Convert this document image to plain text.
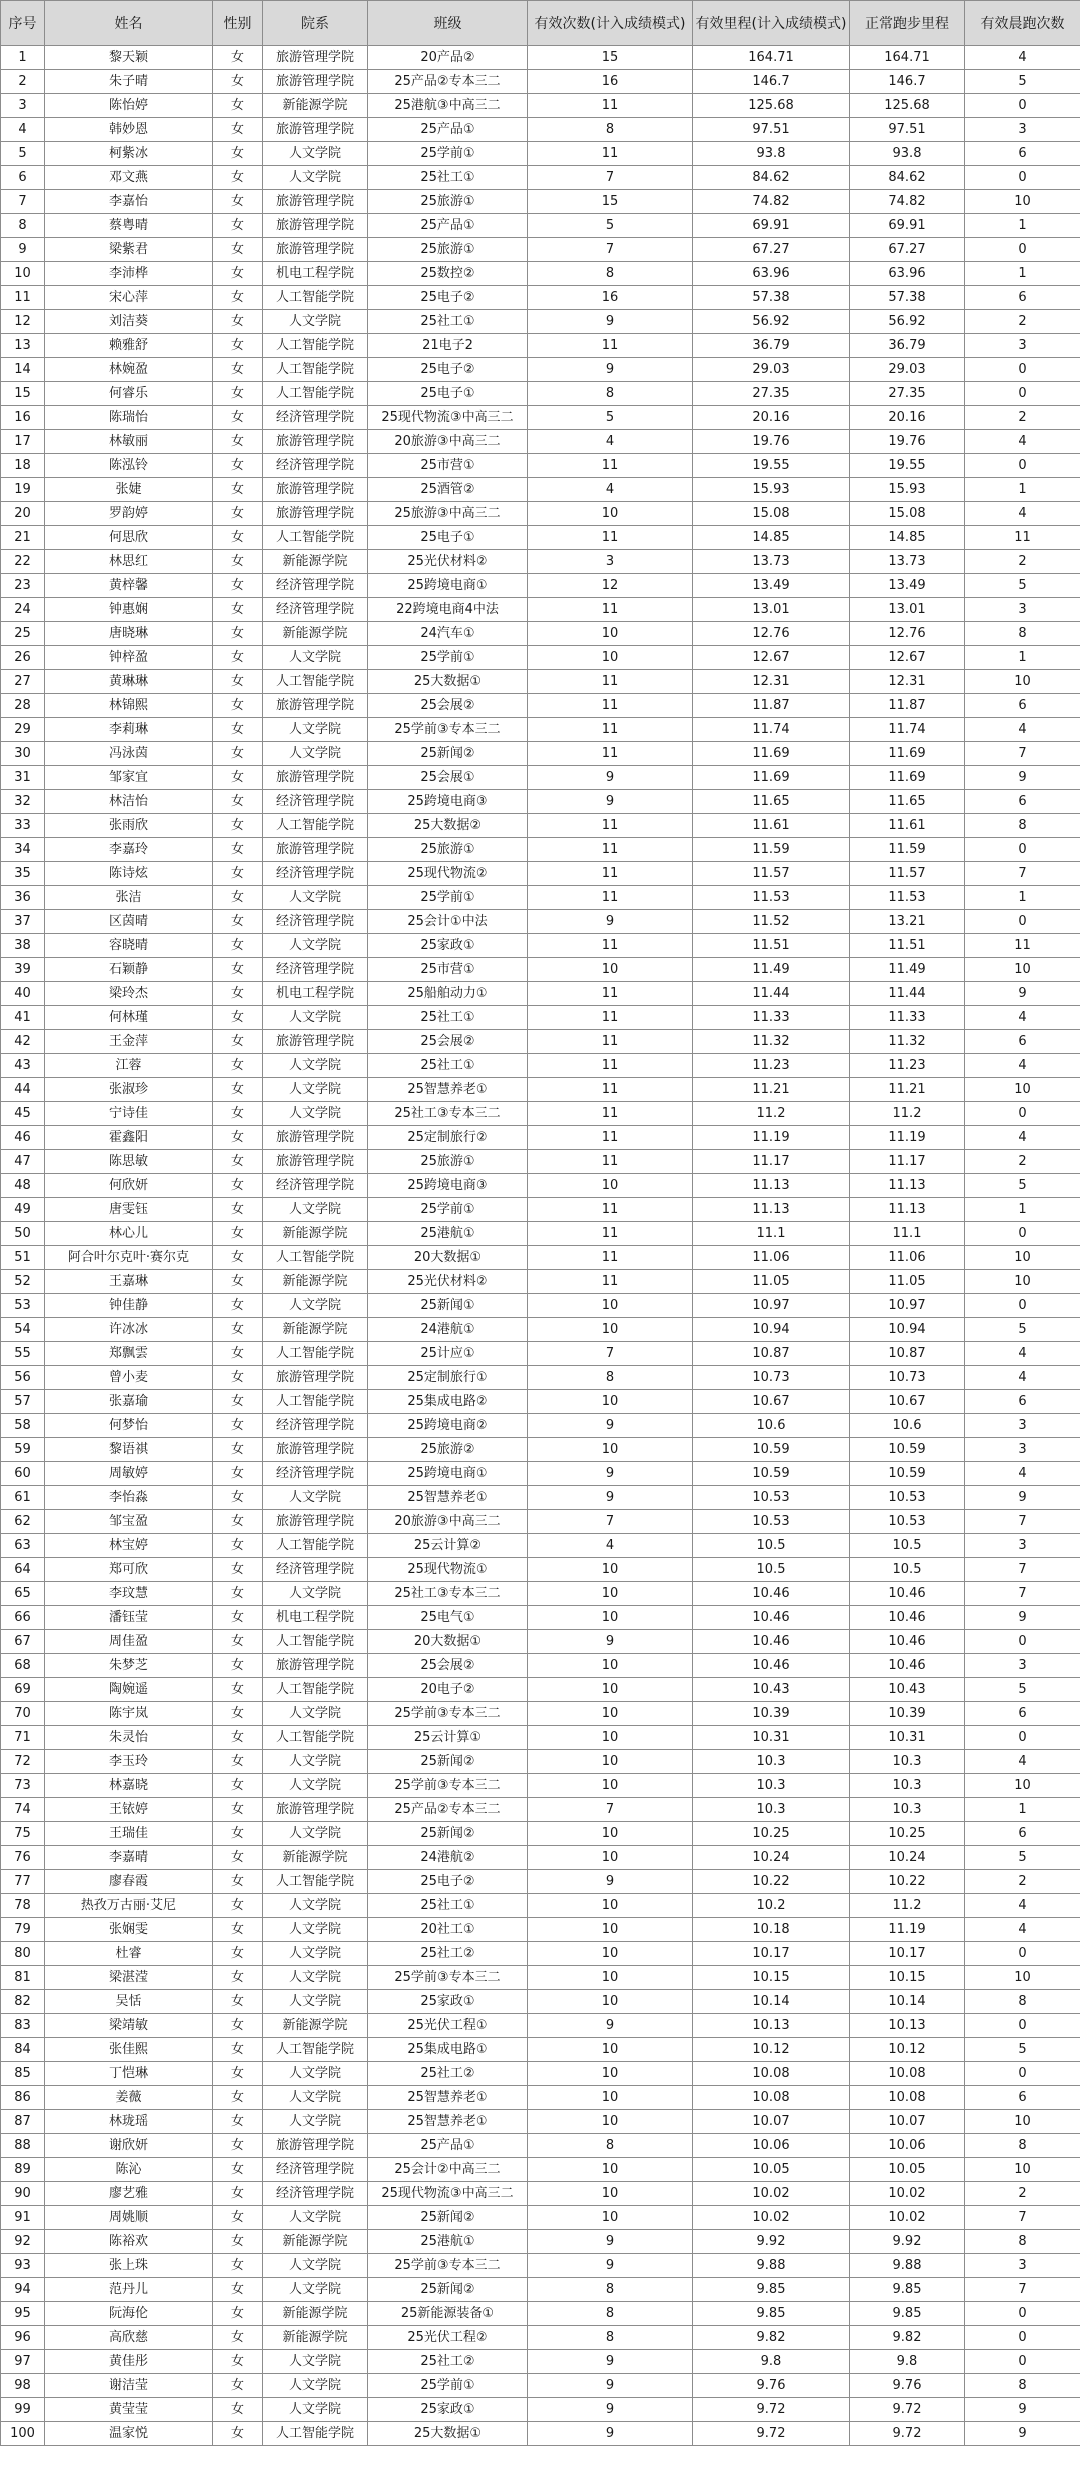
序号	姓名	性别	院系	班级	有效次数(计入成绩模式)	有效里程(计入成绩模式)	正常跑步里程	有效晨跑次数
1	黎天颖	女	旅游管理学院	20产品②	15	164.71	164.71	4
2	朱子晴	女	旅游管理学院	25产品②专本三二	16	146.7	146.7	5
3	陈怡婷	女	新能源学院	25港航③中高三二	11	125.68	125.68	0
4	韩妙恩	女	旅游管理学院	25产品①	8	97.51	97.51	3
5	柯紫冰	女	人文学院	25学前①	11	93.8	93.8	6
6	邓文燕	女	人文学院	25社工①	7	84.62	84.62	0
7	李嘉怡	女	旅游管理学院	25旅游①	15	74.82	74.82	10
8	蔡粤晴	女	旅游管理学院	25产品①	5	69.91	69.91	1
9	梁紫君	女	旅游管理学院	25旅游①	7	67.27	67.27	0
10	李沛桦	女	机电工程学院	25数控②	8	63.96	63.96	1
11	宋心萍	女	人工智能学院	25电子②	16	57.38	57.38	6
12	刘洁葵	女	人文学院	25社工①	9	56.92	56.92	2
13	赖雅舒	女	人工智能学院	21电子2	11	36.79	36.79	3
14	林婉盈	女	人工智能学院	25电子②	9	29.03	29.03	0
15	何睿乐	女	人工智能学院	25电子①	8	27.35	27.35	0
16	陈瑞怡	女	经济管理学院	25现代物流③中高三二	5	20.16	20.16	2
17	林敏丽	女	旅游管理学院	20旅游③中高三二	4	19.76	19.76	4
18	陈泓铃	女	经济管理学院	25市营①	11	19.55	19.55	0
19	张婕	女	旅游管理学院	25酒管②	4	15.93	15.93	1
20	罗韵婷	女	旅游管理学院	25旅游③中高三二	10	15.08	15.08	4
21	何思欣	女	人工智能学院	25电子①	11	14.85	14.85	11
22	林思红	女	新能源学院	25光伏材料②	3	13.73	13.73	2
23	黄梓馨	女	经济管理学院	25跨境电商①	12	13.49	13.49	5
24	钟惠娴	女	经济管理学院	22跨境电商4中法	11	13.01	13.01	3
25	唐晓琳	女	新能源学院	24汽车①	10	12.76	12.76	8
26	钟梓盈	女	人文学院	25学前①	10	12.67	12.67	1
27	黄琳琳	女	人工智能学院	25大数据①	11	12.31	12.31	10
28	林锦熙	女	旅游管理学院	25会展②	11	11.87	11.87	6
29	李莉琳	女	人文学院	25学前③专本三二	11	11.74	11.74	4
30	冯泳茵	女	人文学院	25新闻②	11	11.69	11.69	7
31	邹家宜	女	旅游管理学院	25会展①	9	11.69	11.69	9
32	林洁怡	女	经济管理学院	25跨境电商③	9	11.65	11.65	6
33	张雨欣	女	人工智能学院	25大数据②	11	11.61	11.61	8
34	李嘉玲	女	旅游管理学院	25旅游①	11	11.59	11.59	0
35	陈诗炫	女	经济管理学院	25现代物流②	11	11.57	11.57	7
36	张洁	女	人文学院	25学前①	11	11.53	11.53	1
37	区茵晴	女	经济管理学院	25会计①中法	9	11.52	13.21	0
38	容晓晴	女	人文学院	25家政①	11	11.51	11.51	11
39	石颖静	女	经济管理学院	25市营①	10	11.49	11.49	10
40	梁玲杰	女	机电工程学院	25船舶动力①	11	11.44	11.44	9
41	何林瑾	女	人文学院	25社工①	11	11.33	11.33	4
42	王金萍	女	旅游管理学院	25会展②	11	11.32	11.32	6
43	江蓉	女	人文学院	25社工①	11	11.23	11.23	4
44	张淑珍	女	人文学院	25智慧养老①	11	11.21	11.21	10
45	宁诗佳	女	人文学院	25社工③专本三二	11	11.2	11.2	0
46	霍鑫阳	女	旅游管理学院	25定制旅行②	11	11.19	11.19	4
47	陈思敏	女	旅游管理学院	25旅游①	11	11.17	11.17	2
48	何欣妍	女	经济管理学院	25跨境电商③	10	11.13	11.13	5
49	唐雯钰	女	人文学院	25学前①	11	11.13	11.13	1
50	林心儿	女	新能源学院	25港航①	11	11.1	11.1	0
51	阿合叶尔克叶·赛尔克	女	人工智能学院	20大数据①	11	11.06	11.06	10
52	王嘉琳	女	新能源学院	25光伏材料②	11	11.05	11.05	10
53	钟佳静	女	人文学院	25新闻①	10	10.97	10.97	0
54	许冰冰	女	新能源学院	24港航①	10	10.94	10.94	5
55	郑飘雲	女	人工智能学院	25计应①	7	10.87	10.87	4
56	曾小麦	女	旅游管理学院	25定制旅行①	8	10.73	10.73	4
57	张嘉瑜	女	人工智能学院	25集成电路②	10	10.67	10.67	6
58	何梦怡	女	经济管理学院	25跨境电商②	9	10.6	10.6	3
59	黎语祺	女	旅游管理学院	25旅游②	10	10.59	10.59	3
60	周敏婷	女	经济管理学院	25跨境电商①	9	10.59	10.59	4
61	李怡淼	女	人文学院	25智慧养老①	9	10.53	10.53	9
62	邹宝盈	女	旅游管理学院	20旅游③中高三二	7	10.53	10.53	7
63	林宝婷	女	人工智能学院	25云计算②	4	10.5	10.5	3
64	郑可欣	女	经济管理学院	25现代物流①	10	10.5	10.5	7
65	李玟慧	女	人文学院	25社工③专本三二	10	10.46	10.46	7
66	潘钰莹	女	机电工程学院	25电气①	10	10.46	10.46	9
67	周佳盈	女	人工智能学院	20大数据①	9	10.46	10.46	0
68	朱梦芝	女	旅游管理学院	25会展②	10	10.46	10.46	3
69	陶婉遥	女	人工智能学院	20电子②	10	10.43	10.43	5
70	陈宇岚	女	人文学院	25学前③专本三二	10	10.39	10.39	6
71	朱灵怡	女	人工智能学院	25云计算①	10	10.31	10.31	0
72	李玉玲	女	人文学院	25新闻②	10	10.3	10.3	4
73	林嘉晓	女	人文学院	25学前③专本三二	10	10.3	10.3	10
74	王铱婷	女	旅游管理学院	25产品②专本三二	7	10.3	10.3	1
75	王瑞佳	女	人文学院	25新闻②	10	10.25	10.25	6
76	李嘉晴	女	新能源学院	24港航②	10	10.24	10.24	5
77	廖春霞	女	人工智能学院	25电子②	9	10.22	10.22	2
78	热孜万古丽·艾尼	女	人文学院	25社工①	10	10.2	11.2	4
79	张娴雯	女	人文学院	20社工①	10	10.18	11.19	4
80	杜睿	女	人文学院	25社工②	10	10.17	10.17	0
81	梁湛滢	女	人文学院	25学前③专本三二	10	10.15	10.15	10
82	吴恬	女	人文学院	25家政①	10	10.14	10.14	8
83	梁靖敏	女	新能源学院	25光伏工程①	9	10.13	10.13	0
84	张佳熙	女	人工智能学院	25集成电路①	10	10.12	10.12	5
85	丁恺琳	女	人文学院	25社工②	10	10.08	10.08	0
86	姜薇	女	人文学院	25智慧养老①	10	10.08	10.08	6
87	林珑瑶	女	人文学院	25智慧养老①	10	10.07	10.07	10
88	谢欣妍	女	旅游管理学院	25产品①	8	10.06	10.06	8
89	陈沁	女	经济管理学院	25会计②中高三二	10	10.05	10.05	10
90	廖艺雅	女	经济管理学院	25现代物流③中高三二	10	10.02	10.02	2
91	周姚顺	女	人文学院	25新闻②	10	10.02	10.02	7
92	陈裕欢	女	新能源学院	25港航①	9	9.92	9.92	8
93	张上珠	女	人文学院	25学前③专本三二	9	9.88	9.88	3
94	范丹儿	女	人文学院	25新闻②	8	9.85	9.85	7
95	阮海伦	女	新能源学院	25新能源装备①	8	9.85	9.85	0
96	高欣慈	女	新能源学院	25光伏工程②	8	9.82	9.82	0
97	黄佳彤	女	人文学院	25社工②	9	9.8	9.8	0
98	谢洁莹	女	人文学院	25学前①	9	9.76	9.76	8
99	黄莹莹	女	人文学院	25家政①	9	9.72	9.72	9
100	温家悦	女	人工智能学院	25大数据①	9	9.72	9.72	9
